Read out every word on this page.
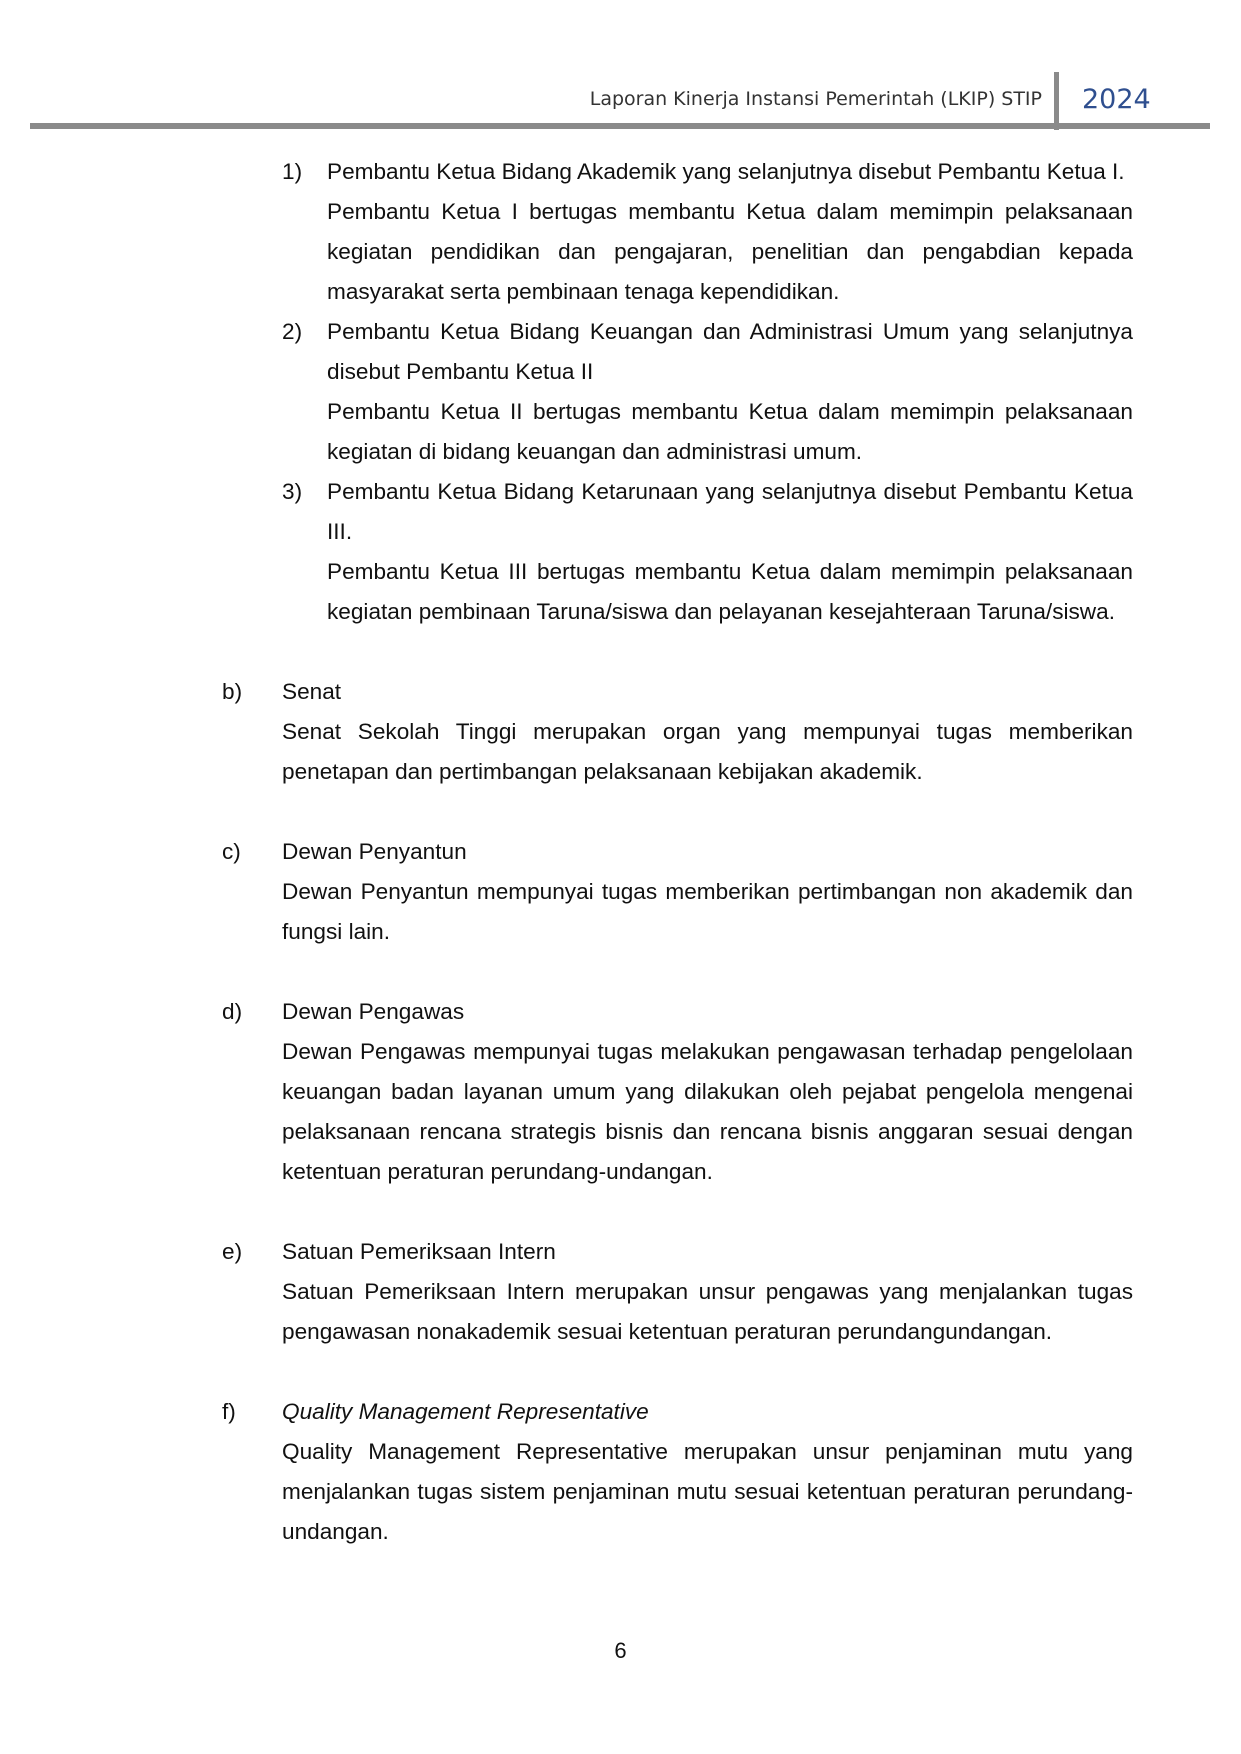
Laporan Kinerja Instansi Pemerintah (LKIP) STIP 2024
1) Pembantu Ketua Bidang Akademik yang selanjutnya disebut Pembantu Ketua I.

Pembantu Ketua I bertugas membantu Ketua dalam memimpin pelaksanaan kegiatan pendidikan dan pengajaran, penelitian dan pengabdian kepada masyarakat serta pembinaan tenaga kependidikan.

2) Pembantu Ketua Bidang Keuangan dan Administrasi Umum yang selanjutnya disebut Pembantu Ketua II

Pembantu Ketua II bertugas membantu Ketua dalam memimpin pelaksanaan kegiatan di bidang keuangan dan administrasi umum.

3) Pembantu Ketua Bidang Ketarunaan yang selanjutnya disebut Pembantu Ketua III.

Pembantu Ketua III bertugas membantu Ketua dalam memimpin pelaksanaan kegiatan pembinaan Taruna/siswa dan pelayanan kesejahteraan Taruna/siswa.

b) Senat

Senat Sekolah Tinggi merupakan organ yang mempunyai tugas memberikan penetapan dan pertimbangan pelaksanaan kebijakan akademik.

c) Dewan Penyantun

Dewan Penyantun mempunyai tugas memberikan pertimbangan non akademik dan fungsi lain.

d) Dewan Pengawas

Dewan Pengawas mempunyai tugas melakukan pengawasan terhadap pengelolaan keuangan badan layanan umum yang dilakukan oleh pejabat pengelola mengenai pelaksanaan rencana strategis bisnis dan rencana bisnis anggaran sesuai dengan ketentuan peraturan perundang-undangan.

e) Satuan Pemeriksaan Intern

Satuan Pemeriksaan Intern merupakan unsur pengawas yang menjalankan tugas pengawasan nonakademik sesuai ketentuan peraturan perundangundangan.

f) Quality Management Representative

Quality Management Representative merupakan unsur penjaminan mutu yang menjalankan tugas sistem penjaminan mutu sesuai ketentuan peraturan perundang-undangan.

6
